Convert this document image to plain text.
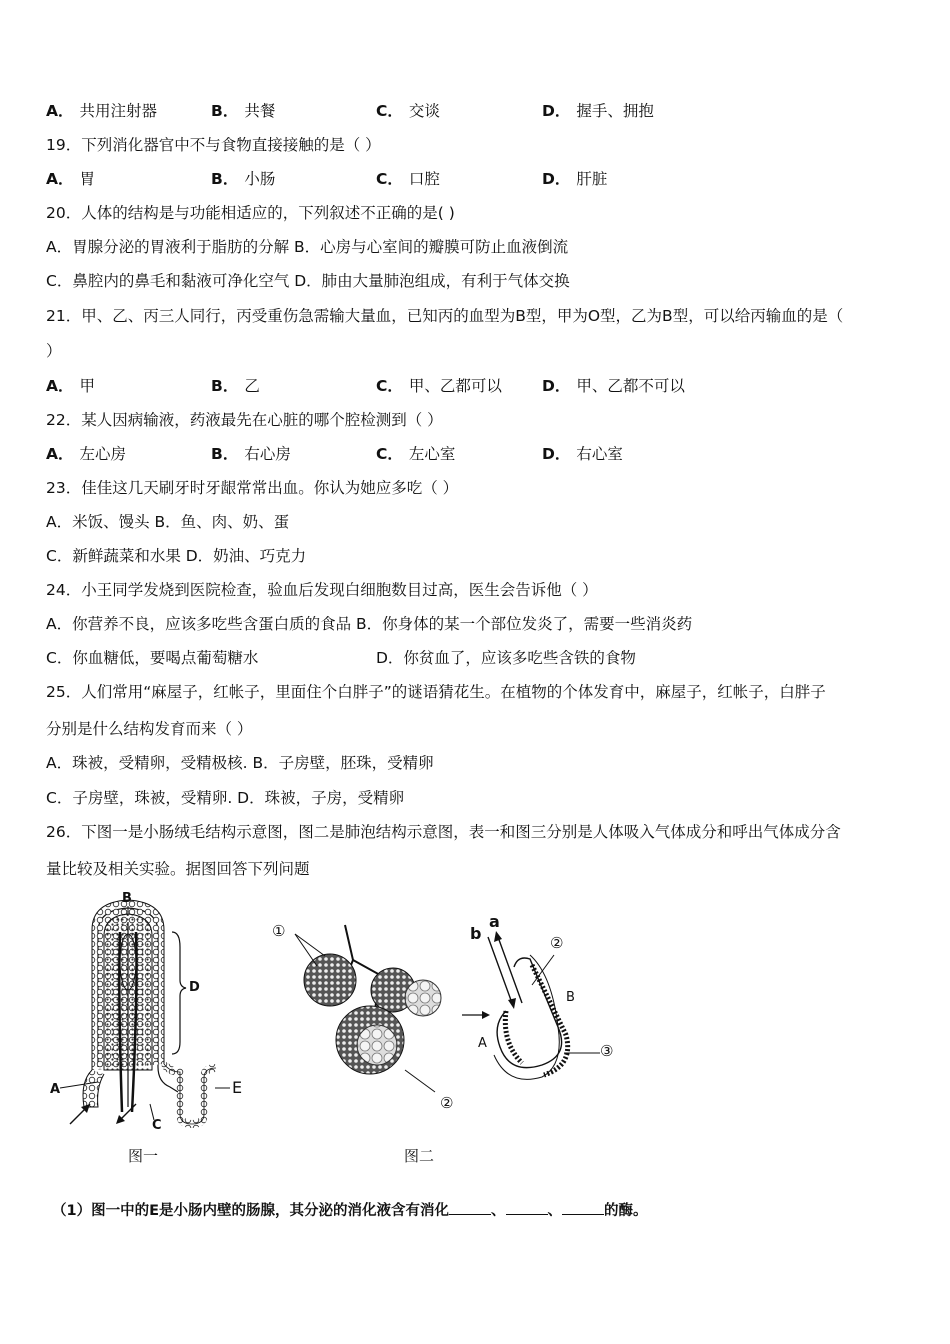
A． 共用注射器	B． 共餐	C． 交谈	D． 握手、拥抱
19．下列消化器官中不与食物直接接触的是（ ）
A． 胃	B． 小肠	C． 口腔	D． 肝脏
20．人体的结构是与功能相适应的，下列叙述不正确的是( )
A．胃腺分泌的胃液利于脂肪的分解 B．心房与心室间的瓣膜可防止血液倒流
C．鼻腔内的鼻毛和黏液可净化空气 D．肺由大量肺泡组成，有利于气体交换
21．甲、乙、丙三人同行，丙受重伤急需输大量血，已知丙的血型为B型，甲为O型，乙为B型，可以给丙输血的是（
）
A． 甲	B． 乙	C． 甲、乙都可以	D． 甲、乙都不可以
22．某人因病输液，药液最先在心脏的哪个腔检测到（ ）
A． 左心房	B． 右心房	C． 左心室	D． 右心室
23．佳佳这几天刷牙时牙龈常常出血。你认为她应多吃（ ）
A．米饭、馒头 B．鱼、肉、奶、蛋
C．新鲜蔬菜和水果 D．奶油、巧克力
24．小王同学发烧到医院检查，验血后发现白细胞数目过高，医生会告诉他（ ）
A．你营养不良，应该多吃些含蛋白质的食品 B．你身体的某一个部位发炎了，需要一些消炎药
C．你血糖低，要喝点葡萄糖水	D．你贫血了，应该多吃些含铁的食物
25．人们常用“麻屋子，红帐子，里面住个白胖子”的谜语猜花生。在植物的个体发育中，麻屋子，红帐子，白胖子
分别是什么结构发育而来（ ）
A．珠被，受精卵，受精极核. B．子房壁，胚珠，受精卵
C．子房壁，珠被，受精卵. D．珠被，子房，受精卵
26．下图一是小肠绒毛结构示意图，图二是肺泡结构示意图，表一和图三分别是人体吸入气体成分和呼出气体成分含
量比较及相关实验。据图回答下列问题
B
D
A	E
C
图一
①
②
b
a
②
B
A	③
图二
（1）图一中的E是小肠内壁的肠腺，其分泌的消化液含有消化	、	、	的酶。
